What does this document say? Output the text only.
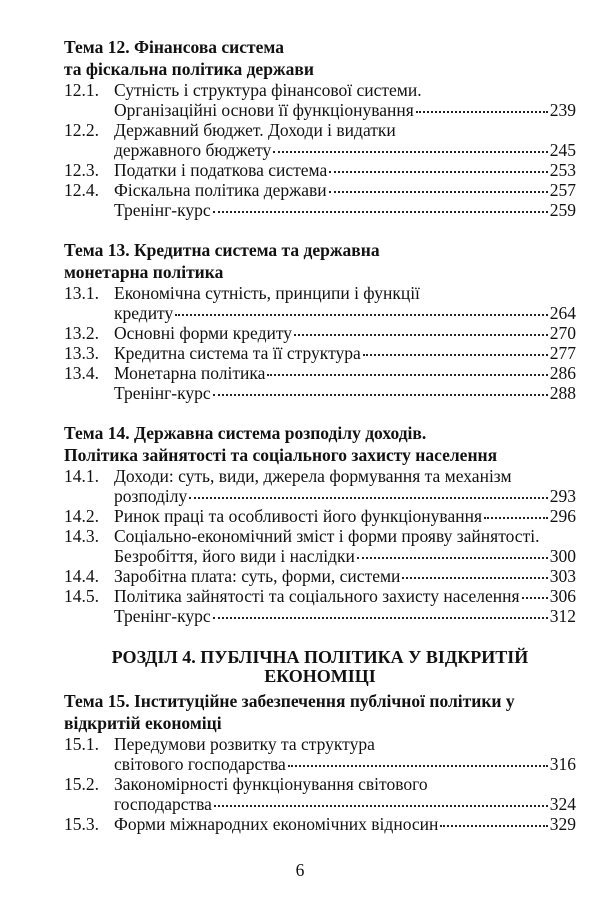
Тема 12. Фінансова система
та фіскальна політика держави
12.1. Сутність і структура фінансової системи.
Організаційні основи її функціонування	239
12.2. Державний бюджет. Доходи і видатки
державного бюджету	245
12.3. Податки і податкова система	253
12.4. Фіскальна політика держави	257
Тренінг-курс	259
Тема 13. Кредитна система та державна
монетарна політика
13.1. Економічна сутність, принципи і функції
кредиту	264
13.2. Основні форми кредиту	270
13.3. Кредитна система та її структура	277
13.4. Монетарна політика	286
Тренінг-курс	288
Тема 14. Державна система розподілу доходів.
Політика зайнятості та соціального захисту населення
14.1. Доходи: суть, види, джерела формування та механізм
розподілу	293
14.2. Ринок праці та особливості його функціонування	296
14.3. Соціально-економічний зміст і форми прояву зайнятості.
Безробіття, його види і наслідки	300
14.4. Заробітна плата: суть, форми, системи	303
14.5. Політика зайнятості та соціального захисту населення 306
Тренінг-курс	312
РОЗДІЛ 4. ПУБЛІЧНА ПОЛІТИКА У ВІДКРИТІЙ
ЕКОНОМІЦІ
Тема 15. Інституційне забезпечення публічної політики у
відкритій економіці
15.1. Передумови розвитку та структура
світового господарства	316
15.2. Закономірності функціонування світового
господарства	324
15.3. Форми міжнародних економічних відносин	329
6
